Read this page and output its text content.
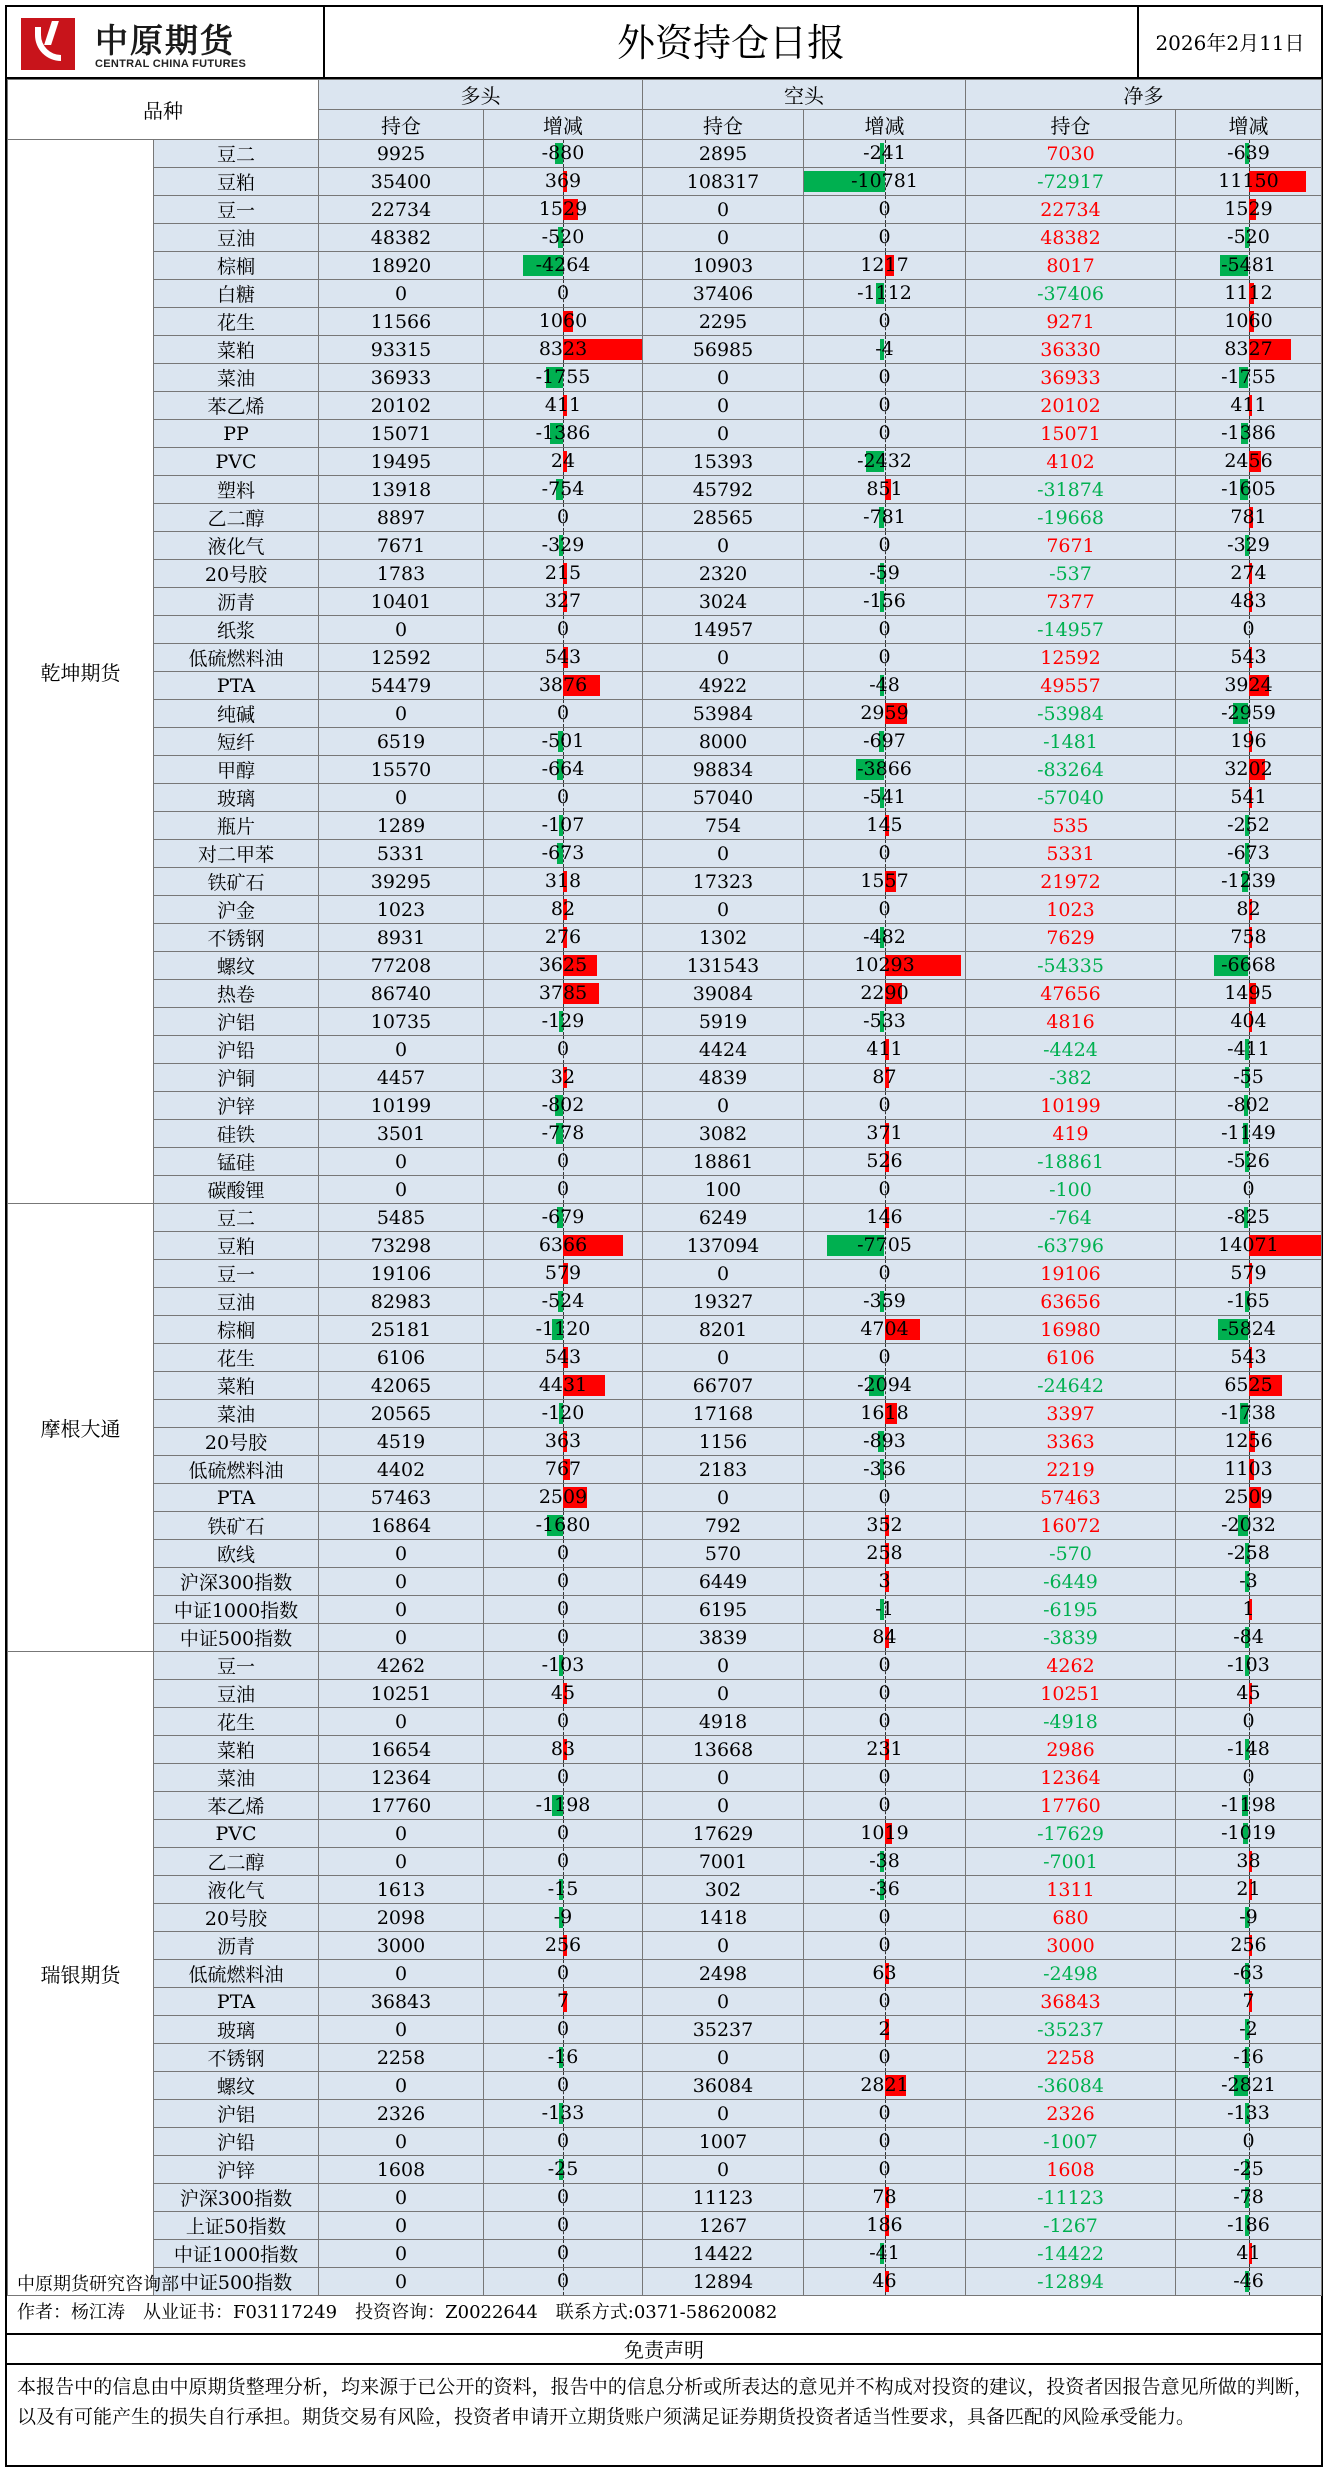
中原期货
CENTRAL CHINA FUTURES	外资持仓日报	2026年2月11日
品种		多头		空头		净多	
		持仓	增减	持仓	增减	持仓	增减
乾坤期货	豆二	9925	-880	2895	-241	7030	-639
	豆粕	35400	369	108317	-10781	-72917	11150
	豆一	22734	1529	0	0	22734	1529
	豆油	48382	-520	0	0	48382	-520
	棕榈	18920	-4264	10903	1217	8017	-5481
	白糖	0	0	37406	-1112	-37406	1112
	花生	11566	1060	2295	0	9271	1060
	菜粕	93315	8323	56985	-4	36330	8327
	菜油	36933	-1755	0	0	36933	-1755
	苯乙烯	20102	411	0	0	20102	411
	PP	15071	-1386	0	0	15071	-1386
	PVC	19495	24	15393	-2432	4102	2456
	塑料	13918	-754	45792	851	-31874	-1605
	乙二醇	8897	0	28565	-781	-19668	781
	液化气	7671	-329	0	0	7671	-329
	20号胶	1783	215	2320	-59	-537	274
	沥青	10401	327	3024	-156	7377	483
	纸浆	0	0	14957	0	-14957	0
	低硫燃料油	12592	543	0	0	12592	543
	PTA	54479	3876	4922	-48	49557	3924
	纯碱	0	0	53984	2959	-53984	-2959
	短纤	6519	-501	8000	-697	-1481	196
	甲醇	15570	-664	98834	-3866	-83264	3202
	玻璃	0	0	57040	-541	-57040	541
	瓶片	1289	-107	754	145	535	-252
	对二甲苯	5331	-673	0	0	5331	-673
	铁矿石	39295	318	17323	1557	21972	-1239
	沪金	1023	82	0	0	1023	82
	不锈钢	8931	276	1302	-482	7629	758
	螺纹	77208	3625	131543	10293	-54335	-6668
	热卷	86740	3785	39084	2290	47656	1495
	沪铝	10735	-129	5919	-533	4816	404
	沪铅	0	0	4424	411	-4424	-411
	沪铜	4457	32	4839	87	-382	-55
	沪锌	10199	-802	0	0	10199	-802
	硅铁	3501	-778	3082	371	419	-1149
	锰硅	0	0	18861	526	-18861	-526
	碳酸锂	0	0	100	0	-100	0
摩根大通	豆二	5485	-679	6249	146	-764	-825
	豆粕	73298	6366	137094	-7705	-63796	14071
	豆一	19106	579	0	0	19106	579
	豆油	82983	-524	19327	-359	63656	-165
	棕榈	25181	-1120	8201	4704	16980	-5824
	花生	6106	543	0	0	6106	543
	菜粕	42065	4431	66707	-2094	-24642	6525
	菜油	20565	-120	17168	1618	3397	-1738
	20号胶	4519	363	1156	-893	3363	1256
	低硫燃料油	4402	767	2183	-336	2219	1103
	PTA	57463	2509	0	0	57463	2509
	铁矿石	16864	-1680	792	352	16072	-2032
	欧线	0	0	570	258	-570	-258
	沪深300指数	0	0	6449	3	-6449	-3
	中证1000指数	0	0	6195	-1	-6195	1
	中证500指数	0	0	3839	84	-3839	-84
瑞银期货	豆一	4262	-103	0	0	4262	-103
	豆油	10251	45	0	0	10251	45
	花生	0	0	4918	0	-4918	0
	菜粕	16654	83	13668	231	2986	-148
	菜油	12364	0	0	0	12364	0
	苯乙烯	17760	-1198	0	0	17760	-1198
	PVC	0	0	17629	1019	-17629	-1019
	乙二醇	0	0	7001	-38	-7001	38
	液化气	1613	-15	302	-36	1311	21
	20号胶	2098	-9	1418	0	680	-9
	沥青	3000	256	0	0	3000	256
	低硫燃料油	0	0	2498	63	-2498	-63
	PTA	36843	7	0	0	36843	7
	玻璃	0	0	35237	2	-35237	-2
	不锈钢	2258	-16	0	0	2258	-16
	螺纹	0	0	36084	2821	-36084	-2821
	沪铝	2326	-133	0	0	2326	-133
	沪铅	0	0	1007	0	-1007	0
	沪锌	1608	-25	0	0	1608	-25
	沪深300指数	0	0	11123	78	-11123	-78
	上证50指数	0	0	1267	186	-1267	-186
	中证1000指数	0	0	14422	-41	-14422	41
	中证500指数	0	0	12894	46	-12894	-46
中原期货研究咨询部
作者：杨江涛　从业证书：F03117249　投资咨询：Z0022644　联系方式:0371-58620082
免责声明
本报告中的信息由中原期货整理分析，均来源于已公开的资料，报告中的信息分析或所表达的意见并不构成对投资的建议，投资者因报告意见所做的判断，以及有可能产生的损失自行承担。期货交易有风险，投资者申请开立期货账户须满足证券期货投资者适当性要求，具备匹配的风险承受能力。
